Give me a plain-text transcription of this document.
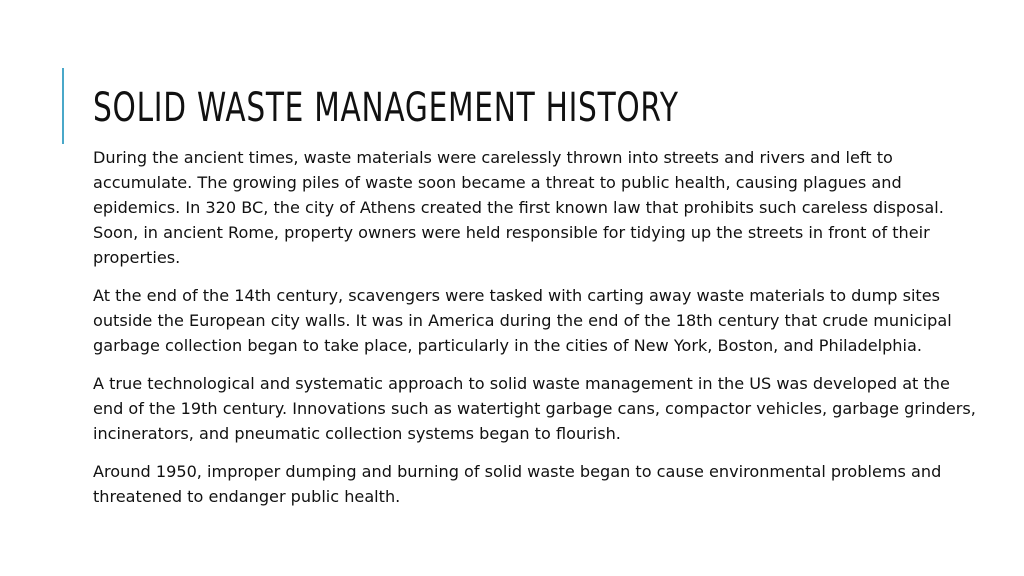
SOLID WASTE MANAGEMENT HISTORY

During the ancient times, waste materials were carelessly thrown into streets and rivers and left to accumulate. The growing piles of waste soon became a threat to public health, causing plagues and epidemics. In 320 BC, the city of Athens created the first known law that prohibits such careless disposal. Soon, in ancient Rome, property owners were held responsible for tidying up the streets in front of their properties.

At the end of the 14th century, scavengers were tasked with carting away waste materials to dump sites outside the European city walls. It was in America during the end of the 18th century that crude municipal garbage collection began to take place, particularly in the cities of New York, Boston, and Philadelphia.

A true technological and systematic approach to solid waste management in the US was developed at the end of the 19th century. Innovations such as watertight garbage cans, compactor vehicles, garbage grinders, incinerators, and pneumatic collection systems began to flourish.

Around 1950, improper dumping and burning of solid waste began to cause environmental problems and threatened to endanger public health.
